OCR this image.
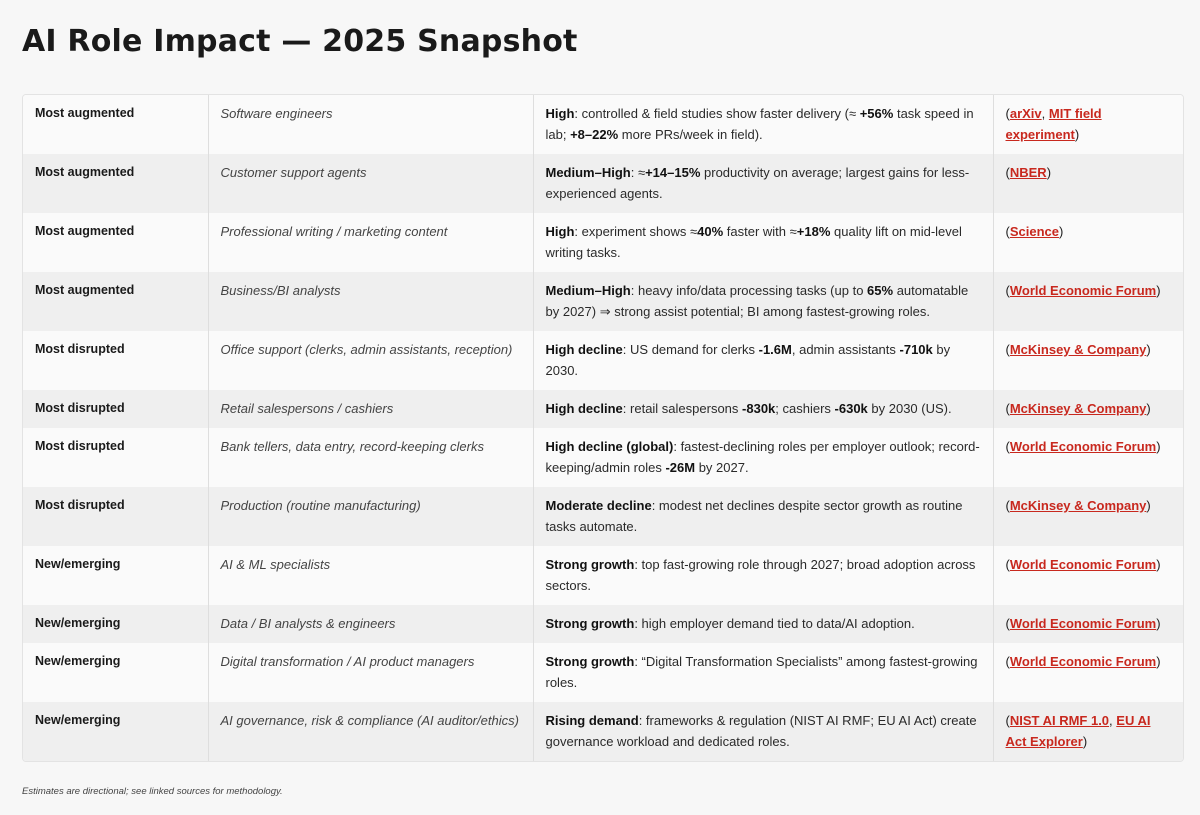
AI Role Impact — 2025 Snapshot
Most augmented	Software engineers	High: controlled & field studies show faster delivery (≈ +56% task speed in lab; +8–22% more PRs/week in field).	(arXiv, MIT field experiment)
Most augmented	Customer support agents	Medium–High: ≈+14–15% productivity on average; largest gains for less-experienced agents.	(NBER)
Most augmented	Professional writing / marketing content	High: experiment shows ≈40% faster with ≈+18% quality lift on mid-level writing tasks.	(Science)
Most augmented	Business/BI analysts	Medium–High: heavy info/data processing tasks (up to 65% automatable by 2027) ⇒ strong assist potential; BI among fastest-growing roles.	(World Economic Forum)
Most disrupted	Office support (clerks, admin assistants, reception)	High decline: US demand for clerks -1.6M, admin assistants -710k by 2030.	(McKinsey & Company)
Most disrupted	Retail salespersons / cashiers	High decline: retail salespersons -830k; cashiers -630k by 2030 (US).	(McKinsey & Company)
Most disrupted	Bank tellers, data entry, record-keeping clerks	High decline (global): fastest-declining roles per employer outlook; record-keeping/admin roles -26M by 2027.	(World Economic Forum)
Most disrupted	Production (routine manufacturing)	Moderate decline: modest net declines despite sector growth as routine tasks automate.	(McKinsey & Company)
New/emerging	AI & ML specialists	Strong growth: top fast-growing role through 2027; broad adoption across sectors.	(World Economic Forum)
New/emerging	Data / BI analysts & engineers	Strong growth: high employer demand tied to data/AI adoption.	(World Economic Forum)
New/emerging	Digital transformation / AI product managers	Strong growth: “Digital Transformation Specialists” among fastest-growing roles.	(World Economic Forum)
New/emerging	AI governance, risk & compliance (AI auditor/ethics)	Rising demand: frameworks & regulation (NIST AI RMF; EU AI Act) create governance workload and dedicated roles.	(NIST AI RMF 1.0, EU AI Act Explorer)
Estimates are directional; see linked sources for methodology.
